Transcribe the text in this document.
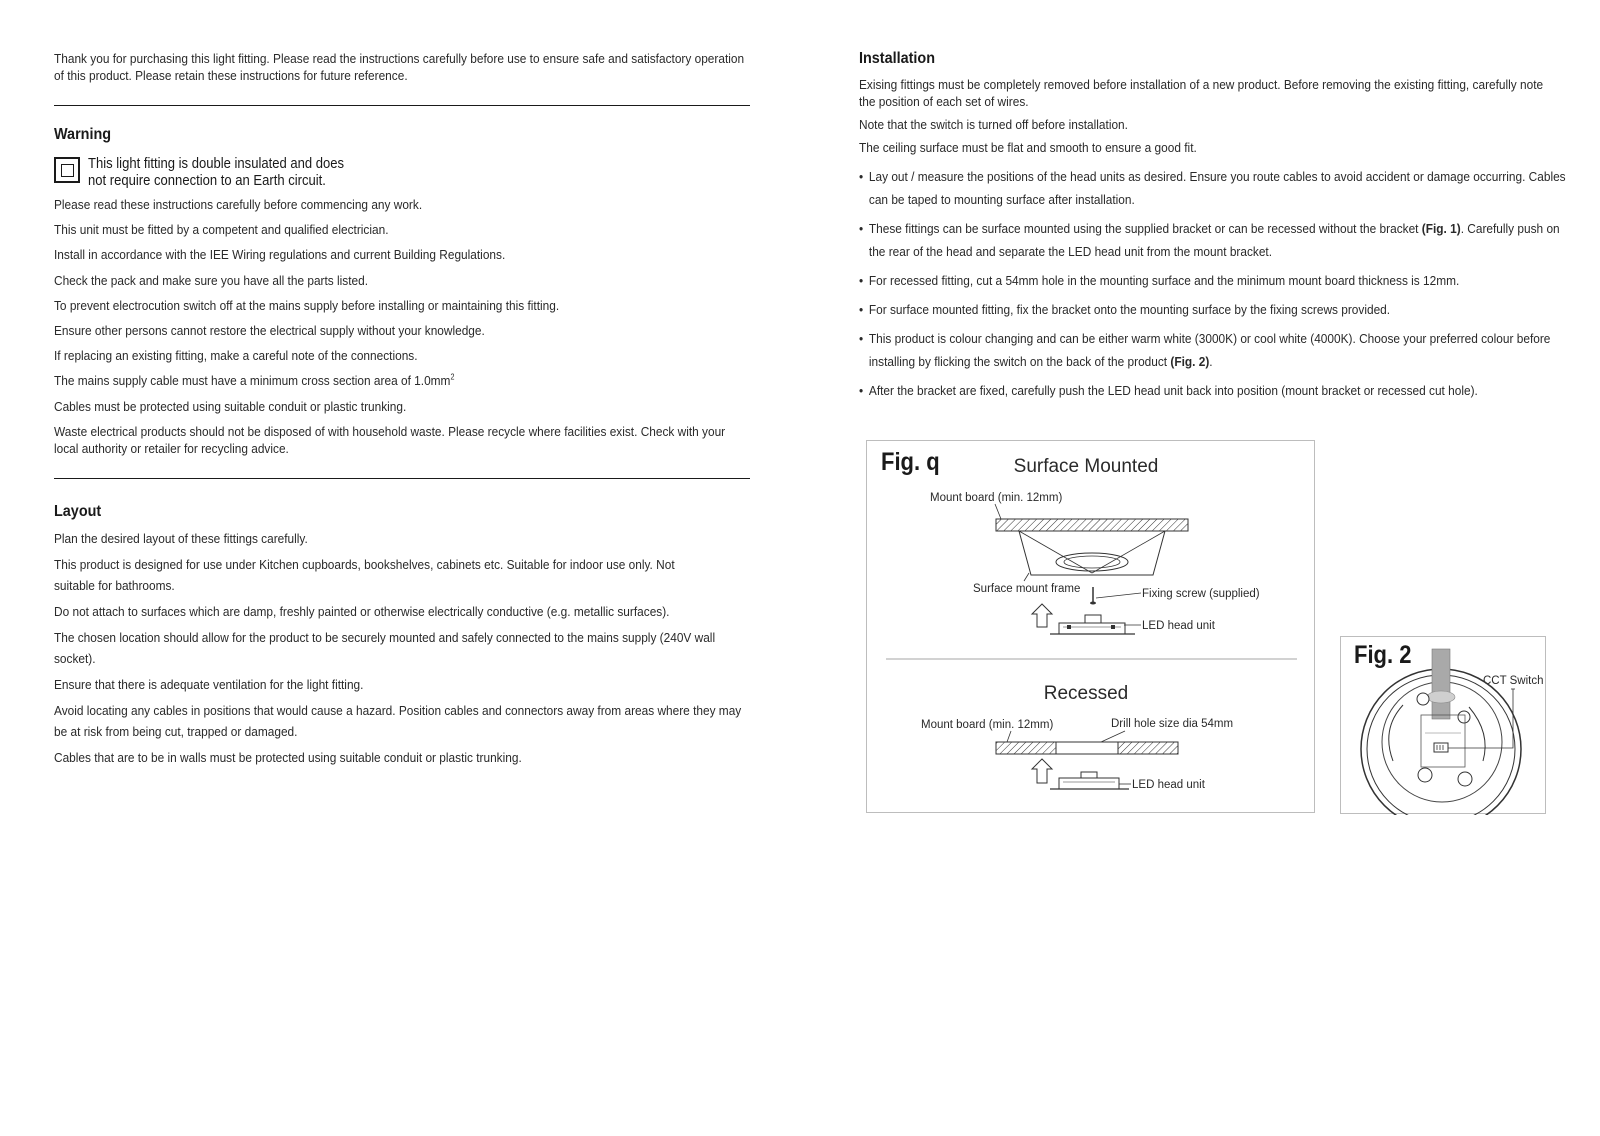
Thank you for purchasing this light fitting. Please read the instructions carefully before use to ensure safe and satisfactory operation of this product. Please retain these instructions for future reference.

Warning
This light fitting is double insulated and does not require connection to an Earth circuit.

Please read these instructions carefully before commencing any work.

This unit must be fitted by a competent and qualified electrician.

Install in accordance with the IEE Wiring regulations and current Building Regulations.

Check the pack and make sure you have all the parts listed.

To prevent electrocution switch off at the mains supply before installing or maintaining this fitting.

Ensure other persons cannot restore the electrical supply without your knowledge.

If replacing an existing fitting, make a careful note of the connections.

The mains supply cable must have a minimum cross section area of $1.0mm^2$

Cables must be protected using suitable conduit or plastic trunking.

Waste electrical products should not be disposed of with household waste. Please recycle where facilities exist. Check with your local authority or retailer for recycling advice.

Layout

Plan the desired layout of these fittings carefully.

This product is designed for use under Kitchen cupboards, bookshelves, cabinets etc. Suitable for indoor use only. Not suitable for bathrooms.

Do not attach to surfaces which are damp, freshly painted or otherwise electrically conductive (e.g. metallic surfaces).

The chosen location should allow for the product to be securely mounted and safely connected to the mains supply (240V wall socket).

Ensure that there is adequate ventilation for the light fitting.

Avoid locating any cables in positions that would cause a hazard. Position cables and connectors away from areas where they may be at risk from being cut, trapped or damaged.

Cables that are to be in walls must be protected using suitable conduit or plastic trunking.

Installation

Exising fittings must be completely removed before installation of a new product. Before removing the existing fitting, carefully note the position of each set of wires.

Note that the switch is turned off before installation.

The ceiling surface must be flat and smooth to ensure a good fit.

• Lay out / measure the positions of the head units as desired. Ensure you route cables to avoid accident or damage occurring. Cables can be taped to mounting surface after installation.
• These fittings can be surface mounted using the supplied bracket or can be recessed without the bracket (Fig. 1). Carefully push on the rear of the head and separate the LED head unit from the mount bracket.
• For recessed fitting, cut a 54mm hole in the mounting surface and the minimum mount board thickness is 12mm.
• For surface mounted fitting, fix the bracket onto the mounting surface by the fixing screws provided.
• This product is colour changing and can be either warm white (3000K) or cool white (4000K). Choose your preferred colour before installing by flicking the switch on the back of the product (Fig. 2).
• After the bracket are fixed, carefully push the LED head unit back into position (mount bracket or recessed cut hole).
Fig. q	Surface Mounted
Mount board (min. 12mm)
Surface mount frame	Fixing screw (supplied)
LED head unit
Recessed
Mount board (min. 12mm)	Drill hole size dia 54mm
LED head unit
Fig. 2
CCT Switch
